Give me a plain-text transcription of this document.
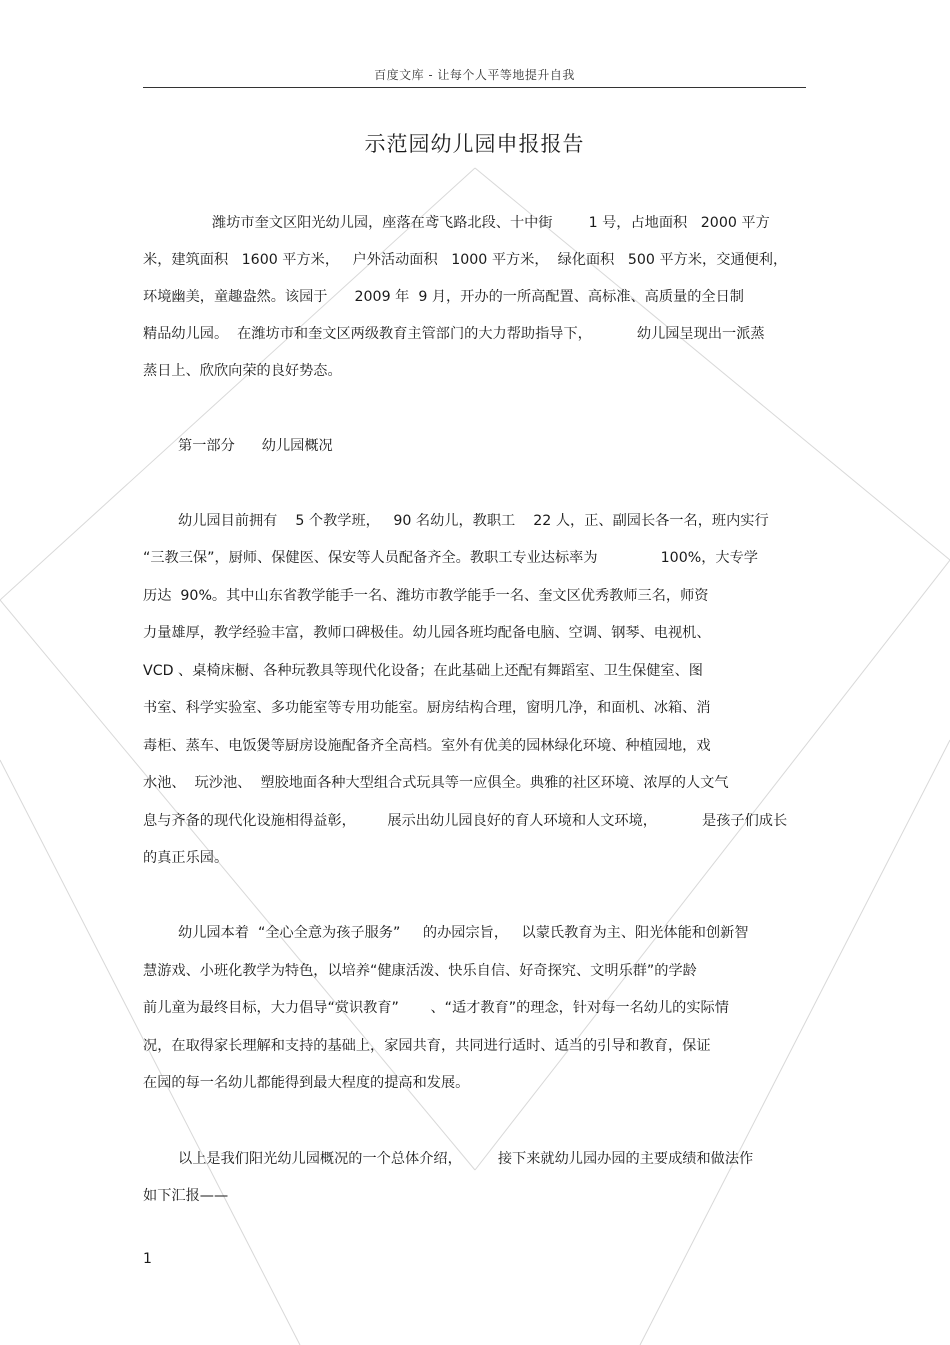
百度文库 - 让每个人平等地提升自我
示范园幼儿园申报报告
潍坊市奎文区阳光幼儿园，座落在鸢飞路北段、十中街        1 号，占地面积   2000 平方
米，建筑面积   1600 平方米，   户外活动面积   1000 平方米，  绿化面积   500 平方米，交通便利，
环境幽美，童趣盎然。该园于      2009 年  9 月，开办的一所高配置、高标准、高质量的全日制
精品幼儿园。  在潍坊市和奎文区两级教育主管部门的大力帮助指导下，          幼儿园呈现出一派蒸
蒸日上、欣欣向荣的良好势态。
第一部分      幼儿园概况
幼儿园目前拥有    5 个教学班，   90 名幼儿，教职工    22 人，正、副园长各一名，班内实行
“三教三保”，厨师、保健医、保安等人员配备齐全。教职工专业达标率为              100%，大专学
历达  90%。其中山东省教学能手一名、潍坊市教学能手一名、奎文区优秀教师三名，师资
力量雄厚，教学经验丰富，教师口碑极佳。幼儿园各班均配备电脑、空调、钢琴、电视机、
VCD 、桌椅床橱、各种玩教具等现代化设备；在此基础上还配有舞蹈室、卫生保健室、图
书室、科学实验室、多功能室等专用功能室。厨房结构合理，窗明几净，和面机、冰箱、消
毒柜、蒸车、电饭煲等厨房设施配备齐全高档。室外有优美的园林绿化环境、种植园地，戏
水池、  玩沙池、  塑胶地面各种大型组合式玩具等一应俱全。典雅的社区环境、浓厚的人文气
息与齐备的现代化设施相得益彰，       展示出幼儿园良好的育人环境和人文环境，          是孩子们成长
的真正乐园。
幼儿园本着  “全心全意为孩子服务”     的办园宗旨，   以蒙氏教育为主、阳光体能和创新智
慧游戏、小班化教学为特色，以培养“健康活泼、快乐自信、好奇探究、文明乐群”的学龄
前儿童为最终目标，大力倡导“赏识教育”       、“适才教育”的理念，针对每一名幼儿的实际情
况，在取得家长理解和支持的基础上，家园共育，共同进行适时、适当的引导和教育，保证
在园的每一名幼儿都能得到最大程度的提高和发展。
以上是我们阳光幼儿园概况的一个总体介绍，        接下来就幼儿园办园的主要成绩和做法作
如下汇报——
1
